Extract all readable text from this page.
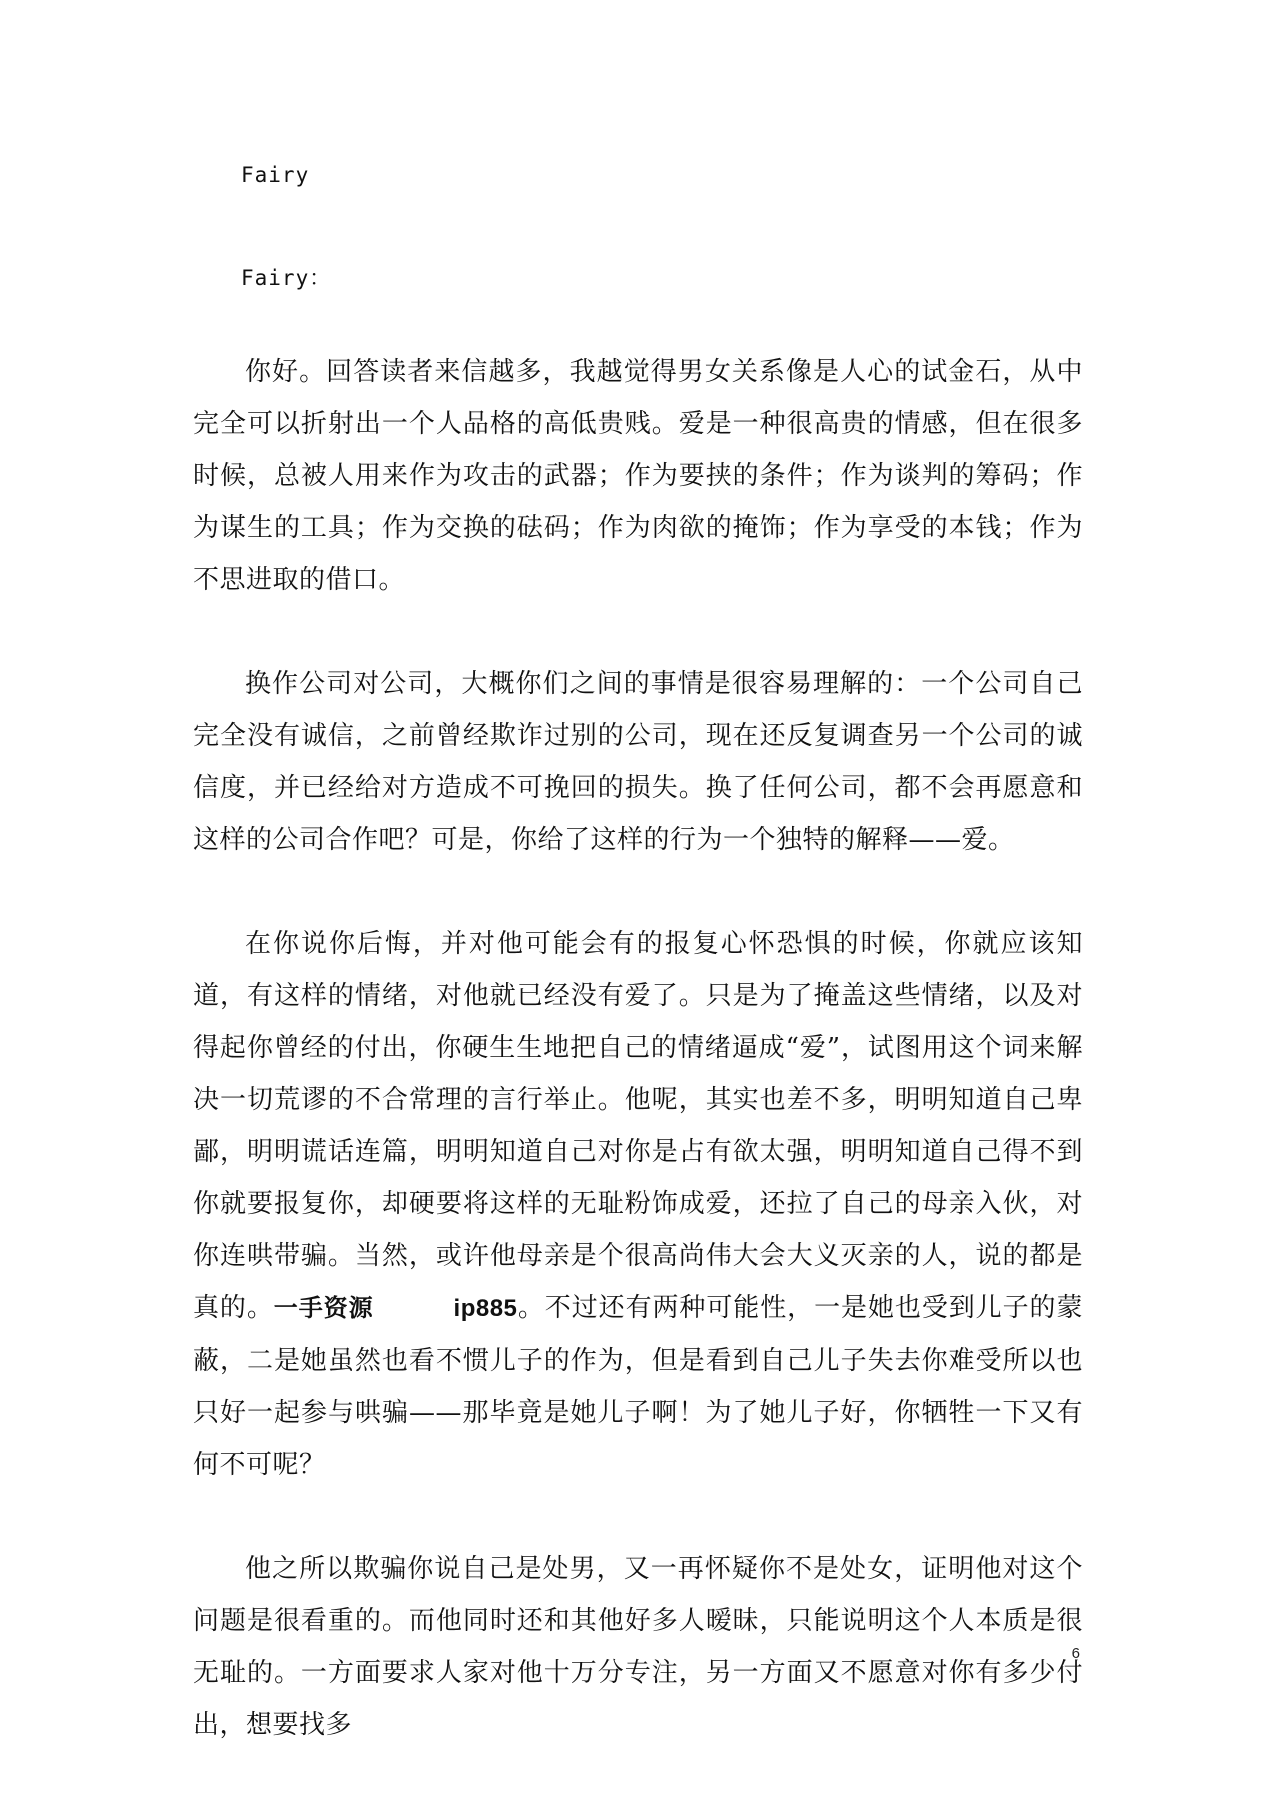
Fairy

Fairy：

你好。回答读者来信越多，我越觉得男女关系像是人心的试金石，从中完全可以折射出一个人品格的高低贵贱。爱是一种很高贵的情感，但在很多时候，总被人用来作为攻击的武器；作为要挟的条件；作为谈判的筹码；作为谋生的工具；作为交换的砝码；作为肉欲的掩饰；作为享受的本钱；作为不思进取的借口。

换作公司对公司，大概你们之间的事情是很容易理解的：一个公司自己完全没有诚信，之前曾经欺诈过别的公司，现在还反复调查另一个公司的诚信度，并已经给对方造成不可挽回的损失。换了任何公司，都不会再愿意和这样的公司合作吧？可是，你给了这样的行为一个独特的解释——爱。

在你说你后悔，并对他可能会有的报复心怀恐惧的时候，你就应该知道，有这样的情绪，对他就已经没有爱了。只是为了掩盖这些情绪，以及对得起你曾经的付出，你硬生生地把自己的情绪逼成“爱”，试图用这个词来解决一切荒谬的不合常理的言行举止。他呢，其实也差不多，明明知道自己卑鄙，明明谎话连篇，明明知道自己对你是占有欲太强，明明知道自己得不到你就要报复你，却硬要将这样的无耻粉饰成爱，还拉了自己的母亲入伙，对你连哄带骗。当然，或许他母亲是个很高尚伟大会大义灭亲的人，说的都是真的。一手资源	ip885。不过还有两种可能性，一是她也受到儿子的蒙蔽，二是她虽然也看不惯儿子的作为，但是看到自己儿子失去你难受所以也只好一起参与哄骗——那毕竟是她儿子啊！为了她儿子好，你牺牲一下又有何不可呢？

他之所以欺骗你说自己是处男，又一再怀疑你不是处女，证明他对这个问题是很看重的。而他同时还和其他好多人暧昧，只能说明这个人本质是很无耻的。一方面要求人家对他十万分专注，另一方面又不愿意对你有多少付出，想要找多

6
